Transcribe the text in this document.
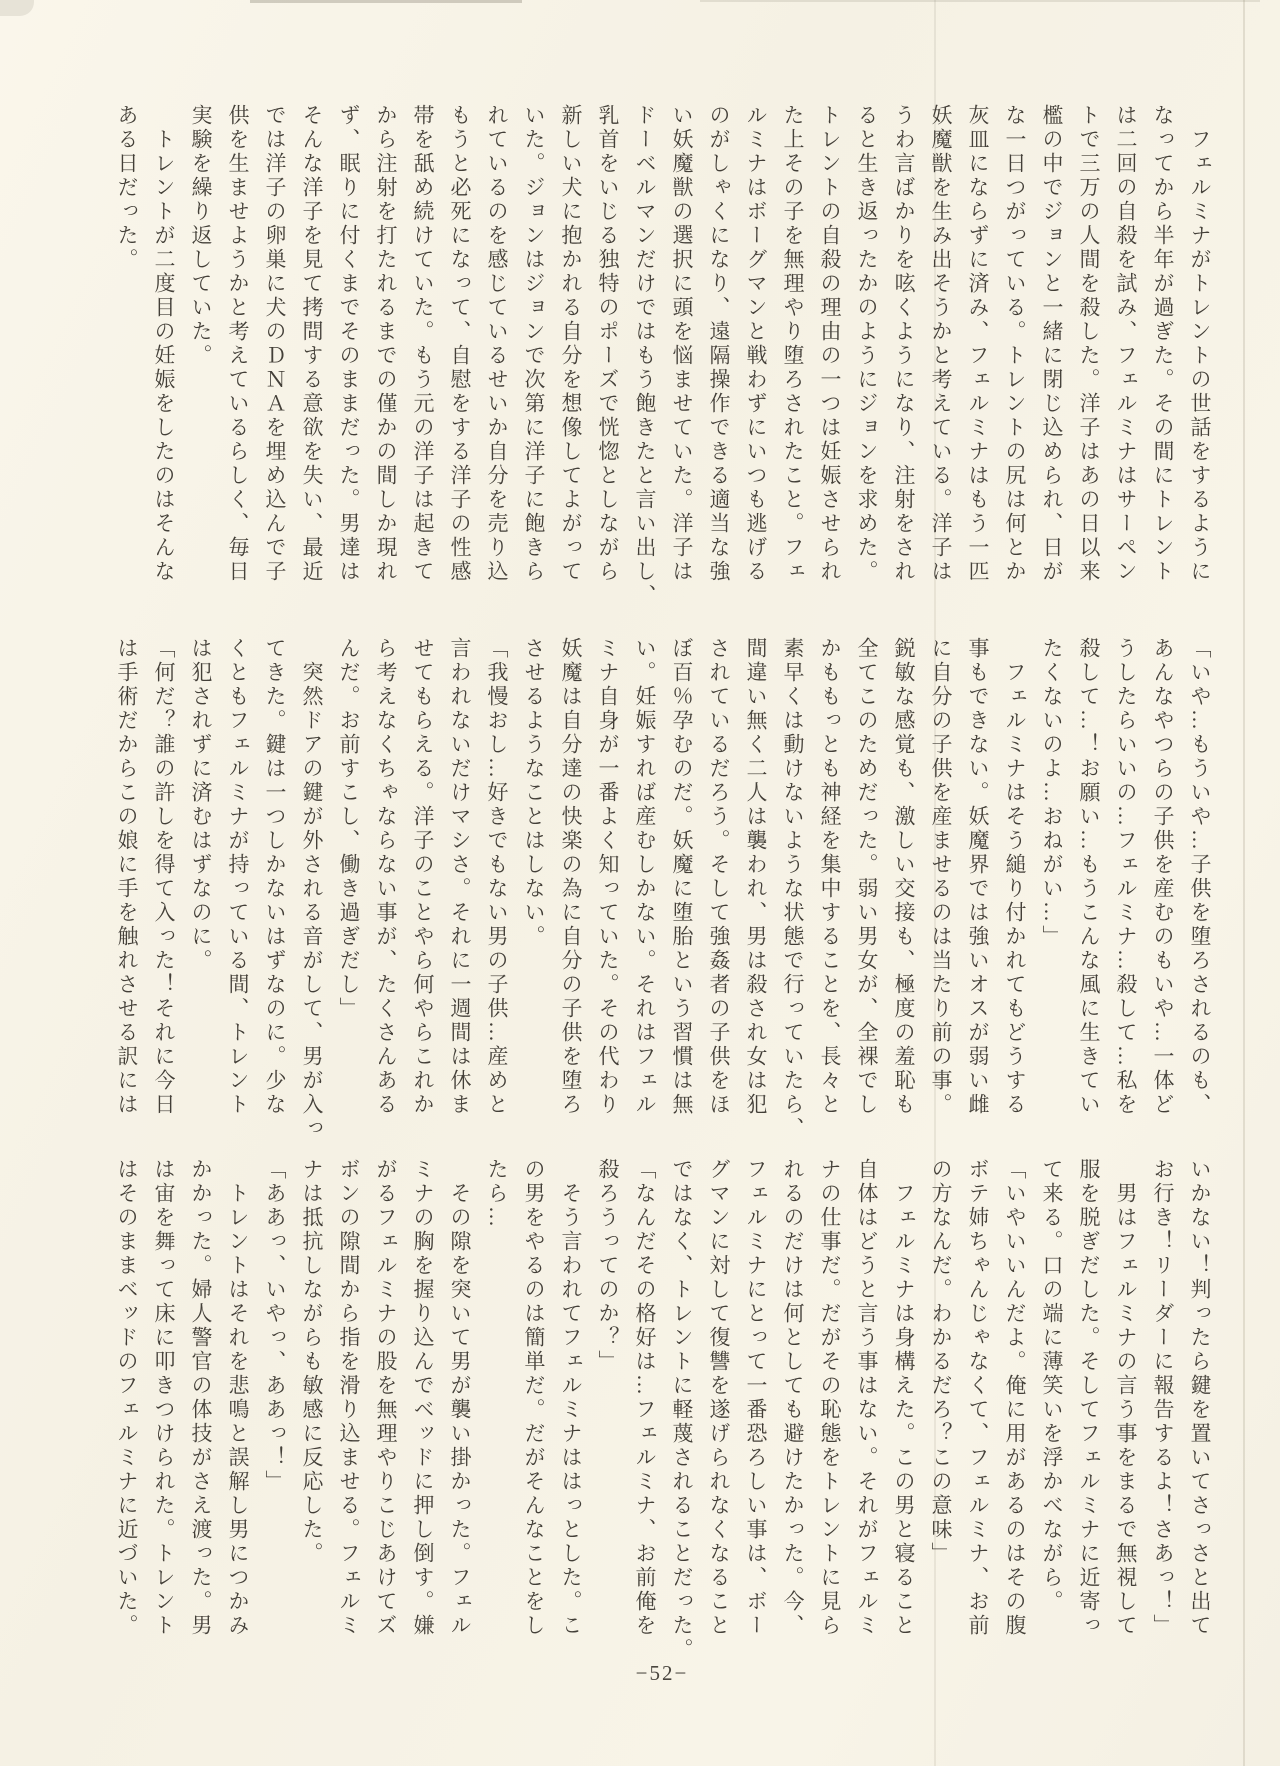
　フェルミナがトレントの世話をするように
なってから半年が過ぎた。その間にトレント
は二回の自殺を試み、フェルミナはサーペン
トで三万の人間を殺した。洋子はあの日以来
檻の中でジョンと一緒に閉じ込められ、日が
な一日つがっている。トレントの尻は何とか
灰皿にならずに済み、フェルミナはもう一匹
妖魔獣を生み出そうかと考えている。洋子は
うわ言ばかりを呟くようになり、注射をされ
ると生き返ったかのようにジョンを求めた。
トレントの自殺の理由の一つは妊娠させられ
た上その子を無理やり堕ろされたこと。フェ
ルミナはボーグマンと戦わずにいつも逃げる
のがしゃくになり、遠隔操作できる適当な強
い妖魔獣の選択に頭を悩ませていた。洋子は
ドーベルマンだけではもう飽きたと言い出し、
乳首をいじる独特のポーズで恍惚としながら
新しい犬に抱かれる自分を想像してよがって
いた。ジョンはジョンで次第に洋子に飽きら
れているのを感じているせいか自分を売り込
もうと必死になって、自慰をする洋子の性感
帯を舐め続けていた。もう元の洋子は起きて
から注射を打たれるまでの僅かの間しか現れ
ず、眠りに付くまでそのままだった。男達は
そんな洋子を見て拷問する意欲を失い、最近
では洋子の卵巣に犬のＤＮＡを埋め込んで子
供を生ませようかと考えているらしく、毎日
実験を繰り返していた。
　トレントが二度目の妊娠をしたのはそんな
ある日だった。
「いや…もういや…子供を堕ろされるのも、
あんなやつらの子供を産むのもいや…一体ど
うしたらいいの…フェルミナ…殺して…私を
殺して…！お願い…もうこんな風に生きてい
たくないのよ…おねがい…」
　フェルミナはそう縋り付かれてもどうする
事もできない。妖魔界では強いオスが弱い雌
に自分の子供を産ませるのは当たり前の事。
鋭敏な感覚も、激しい交接も、極度の羞恥も
全てこのためだった。弱い男女が、全裸でし
かももっとも神経を集中することを、長々と
素早くは動けないような状態で行っていたら、
間違い無く二人は襲われ、男は殺され女は犯
されているだろう。そして強姦者の子供をほ
ぼ百％孕むのだ。妖魔に堕胎という習慣は無
い。妊娠すれば産むしかない。それはフェル
ミナ自身が一番よく知っていた。その代わり
妖魔は自分達の快楽の為に自分の子供を堕ろ
させるようなことはしない。
「我慢おし…好きでもない男の子供…産めと
言われないだけマシさ。それに一週間は休ま
せてもらえる。洋子のことやら何やらこれか
ら考えなくちゃならない事が、たくさんある
んだ。お前すこし、働き過ぎだし」
　突然ドアの鍵が外される音がして、男が入っ
てきた。鍵は一つしかないはずなのに。少な
くともフェルミナが持っている間、トレント
は犯されずに済むはずなのに。
「何だ？誰の許しを得て入った！それに今日
は手術だからこの娘に手を触れさせる訳には
いかない！判ったら鍵を置いてさっさと出て
お行き！リーダーに報告するよ！さあっ！」
　男はフェルミナの言う事をまるで無視して
服を脱ぎだした。そしてフェルミナに近寄っ
て来る。口の端に薄笑いを浮かべながら。
「いやいいんだよ。俺に用があるのはその腹
ボテ姉ちゃんじゃなくて、フェルミナ、お前
の方なんだ。わかるだろ？この意味」
　フェルミナは身構えた。この男と寝ること
自体はどうと言う事はない。それがフェルミ
ナの仕事だ。だがその恥態をトレントに見ら
れるのだけは何としても避けたかった。今、
フェルミナにとって一番恐ろしい事は、ボー
グマンに対して復讐を遂げられなくなること
ではなく、トレントに軽蔑されることだった。
「なんだその格好は…フェルミナ、お前俺を
殺ろうってのか？」
　そう言われてフェルミナははっとした。こ
の男をやるのは簡単だ。だがそんなことをし
たら…
　その隙を突いて男が襲い掛かった。フェル
ミナの胸を握り込んでベッドに押し倒す。嫌
がるフェルミナの股を無理やりこじあけてズ
ボンの隙間から指を滑り込ませる。フェルミ
ナは抵抗しながらも敏感に反応した。
「ああっ、いやっ、ああっ！」
　トレントはそれを悲鳴と誤解し男につかみ
かかった。婦人警官の体技がさえ渡った。男
は宙を舞って床に叩きつけられた。トレント
はそのままベッドのフェルミナに近づいた。
−52−
